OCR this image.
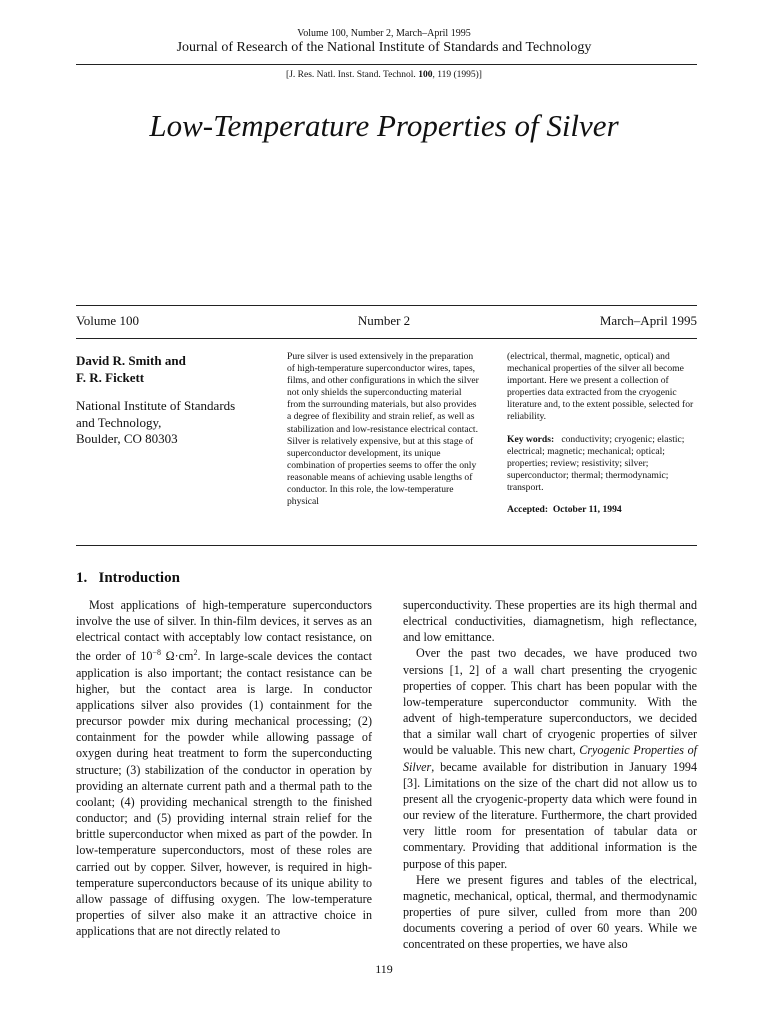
Volume 100, Number 2, March–April 1995
Journal of Research of the National Institute of Standards and Technology
[J. Res. Natl. Inst. Stand. Technol. 100, 119 (1995)]
Low-Temperature Properties of Silver
Volume 100	Number 2	March–April 1995
David R. Smith and
F. R. Fickett
National Institute of Standards
and Technology,
Boulder, CO 80303
Pure silver is used extensively in the preparation of high-temperature superconductor wires, tapes, films, and other configurations in which the silver not only shields the superconducting material from the surrounding materials, but also provides a degree of flexibility and strain relief, as well as stabilization and low-resistance electrical contact. Silver is relatively expensive, but at this stage of superconductor development, its unique combination of properties seems to offer the only reasonable means of achieving usable lengths of conductor. In this role, the low-temperature physical
(electrical, thermal, magnetic, optical) and mechanical properties of the silver all become important. Here we present a collection of properties data extracted from the cryogenic literature and, to the extent possible, selected for reliability.
Key words: conductivity; cryogenic; elastic; electrical; magnetic; mechanical; optical; properties; review; resistivity; silver; superconductor; thermal; thermodynamic; transport.
Accepted: October 11, 1994
1. Introduction

Most applications of high-temperature superconductors involve the use of silver. In thin-film devices, it serves as an electrical contact with acceptably low contact resistance, on the order of $10^{-8}$ $\Omega\cdot cm^2$. In large-scale devices the contact application is also important; the contact resistance can be higher, but the contact area is large. In conductor applications silver also provides (1) containment for the precursor powder mix during mechanical processing; (2) containment for the powder while allowing passage of oxygen during heat treatment to form the superconducting structure; (3) stabilization of the conductor in operation by providing an alternate current path and a thermal path to the coolant; (4) providing mechanical strength to the finished conductor; and (5) providing internal strain relief for the brittle superconductor when mixed as part of the powder. In low-temperature superconductors, most of these roles are carried out by copper. Silver, however, is required in high-temperature superconductors because of its unique ability to allow passage of diffusing oxygen. The low-temperature properties of silver also make it an attractive choice in applications that are not directly related to

superconductivity. These properties are its high thermal and electrical conductivities, diamagnetism, high reflectance, and low emittance.

Over the past two decades, we have produced two versions [1, 2] of a wall chart presenting the cryogenic properties of copper. This chart has been popular with the low-temperature superconductor community. With the advent of high-temperature superconductors, we decided that a similar wall chart of cryogenic properties of silver would be valuable. This new chart, Cryogenic Properties of Silver, became available for distribution in January 1994 [3]. Limitations on the size of the chart did not allow us to present all the cryogenic-property data which were found in our review of the literature. Furthermore, the chart provided very little room for presentation of tabular data or commentary. Providing that additional information is the purpose of this paper.

Here we present figures and tables of the electrical, magnetic, mechanical, optical, thermal, and thermodynamic properties of pure silver, culled from more than 200 documents covering a period of over 60 years. While we concentrated on these properties, we have also

119
